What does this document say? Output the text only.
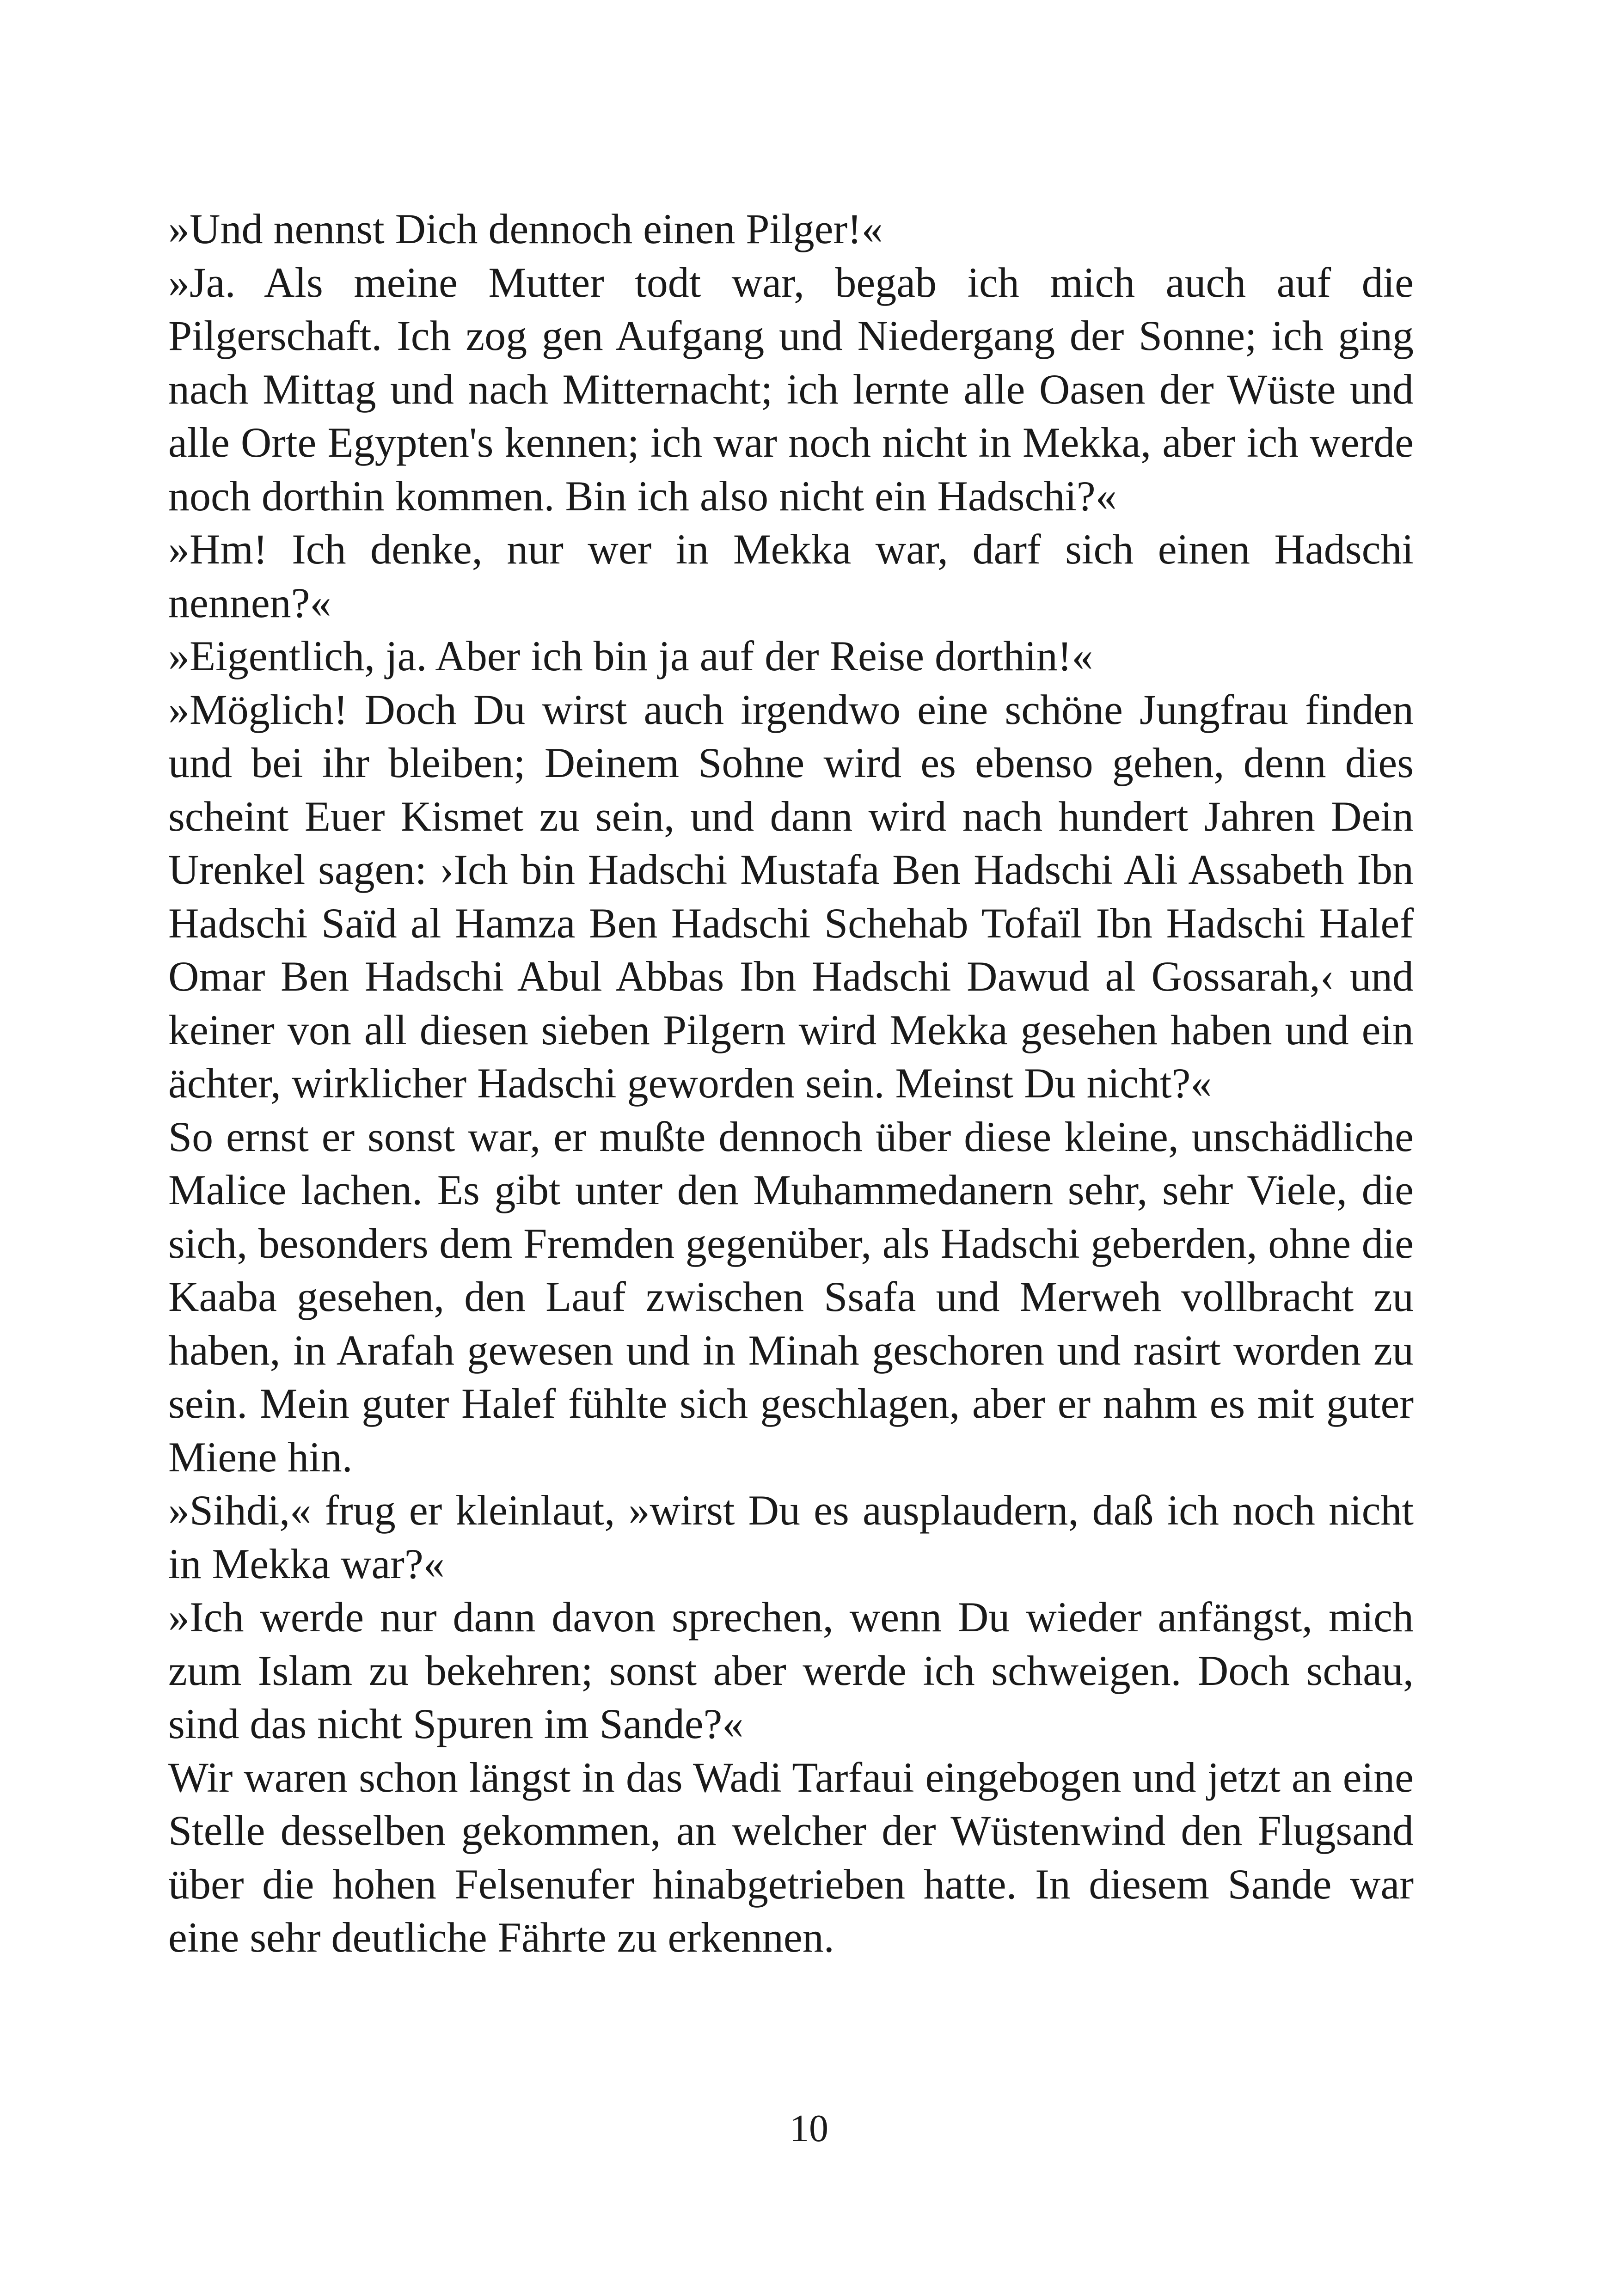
»Und nennst Dich dennoch einen Pilger!«

»Ja. Als meine Mutter todt war, begab ich mich auch auf die Pilgerschaft. Ich zog gen Aufgang und Niedergang der Sonne; ich ging nach Mittag und nach Mitternacht; ich lernte alle Oasen der Wüste und alle Orte Egypten's kennen; ich war noch nicht in Mekka, aber ich werde noch dorthin kommen. Bin ich also nicht ein Hadschi?«

»Hm! Ich denke, nur wer in Mekka war, darf sich einen Hadschi nennen?«

»Eigentlich, ja. Aber ich bin ja auf der Reise dorthin!«

»Möglich! Doch Du wirst auch irgendwo eine schöne Jungfrau finden und bei ihr bleiben; Deinem Sohne wird es ebenso gehen, denn dies scheint Euer Kismet zu sein, und dann wird nach hundert Jahren Dein Urenkel sagen: ›Ich bin Hadschi Mustafa Ben Hadschi Ali Assabeth Ibn Hadschi Saïd al Hamza Ben Hadschi Schehab Tofaïl Ibn Hadschi Halef Omar Ben Hadschi Abul Abbas Ibn Hadschi Dawud al Gossarah,‹ und keiner von all diesen sieben Pilgern wird Mekka gesehen haben und ein ächter, wirklicher Hadschi geworden sein. Meinst Du nicht?«

So ernst er sonst war, er mußte dennoch über diese kleine, unschädliche Malice lachen. Es gibt unter den Muhammedanern sehr, sehr Viele, die sich, besonders dem Fremden gegenüber, als Hadschi geberden, ohne die Kaaba gesehen, den Lauf zwischen Ssafa und Merweh vollbracht zu haben, in Arafah gewesen und in Minah geschoren und rasirt worden zu sein. Mein guter Halef fühlte sich geschlagen, aber er nahm es mit guter Miene hin.

»Sihdi,« frug er kleinlaut, »wirst Du es ausplaudern, daß ich noch nicht in Mekka war?«

»Ich werde nur dann davon sprechen, wenn Du wieder anfängst, mich zum Islam zu bekehren; sonst aber werde ich schweigen. Doch schau, sind das nicht Spuren im Sande?«

Wir waren schon längst in das Wadi Tarfaui eingebogen und jetzt an eine Stelle desselben gekommen, an welcher der Wüstenwind den Flugsand über die hohen Felsenufer hinabgetrieben hatte. In diesem Sande war eine sehr deutliche Fährte zu erkennen.

10
